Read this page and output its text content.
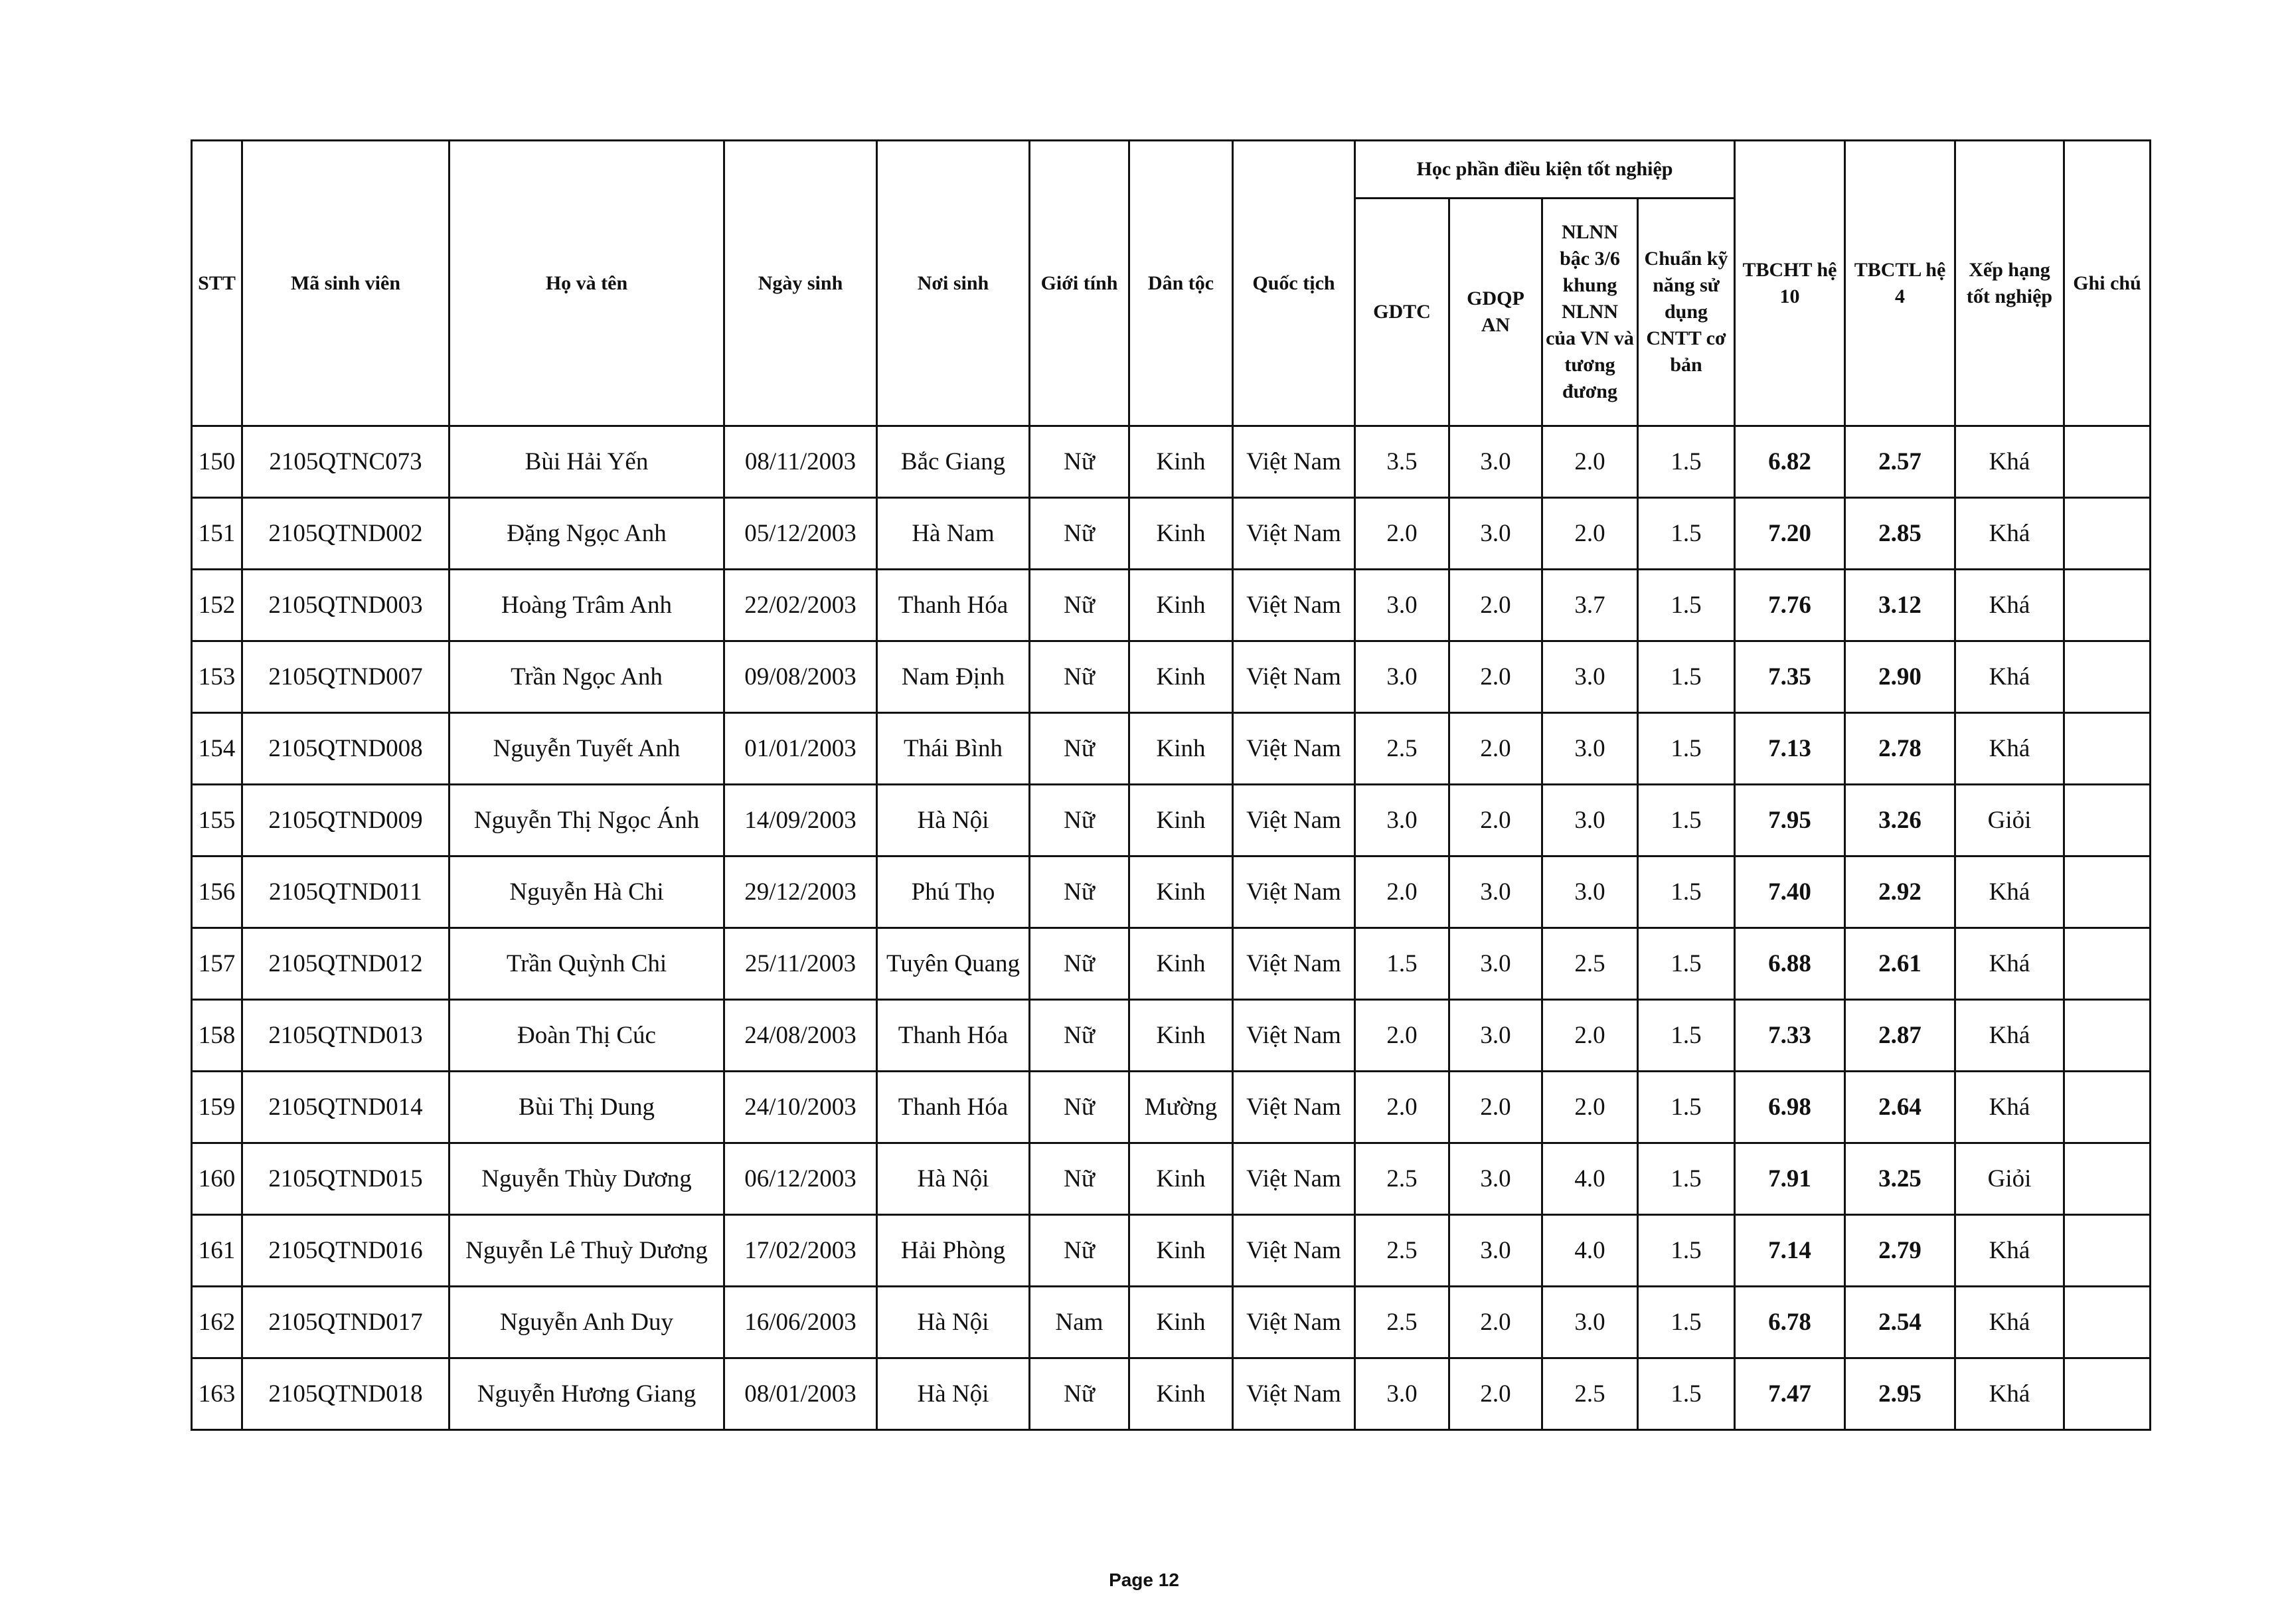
STT	Mã sinh viên	Họ và tên	Ngày sinh	Nơi sinh	Giới tính	Dân tộc	Quốc tịch	Học phần điều kiện tốt nghiệp				TBCHT hệ 10	TBCTL hệ 4	Xếp hạng tốt nghiệp	Ghi chú
								GDTC	GDQP AN	NLNN bậc 3/6 khung NLNN của VN và tương đương	Chuẩn kỹ năng sử dụng CNTT cơ bản				
150	2105QTNC073	Bùi Hải Yến	08/11/2003	Bắc Giang	Nữ	Kinh	Việt Nam	3.5	3.0	2.0	1.5	6.82	2.57	Khá	
151	2105QTND002	Đặng Ngọc Anh	05/12/2003	Hà Nam	Nữ	Kinh	Việt Nam	2.0	3.0	2.0	1.5	7.20	2.85	Khá	
152	2105QTND003	Hoàng Trâm Anh	22/02/2003	Thanh Hóa	Nữ	Kinh	Việt Nam	3.0	2.0	3.7	1.5	7.76	3.12	Khá	
153	2105QTND007	Trần Ngọc Anh	09/08/2003	Nam Định	Nữ	Kinh	Việt Nam	3.0	2.0	3.0	1.5	7.35	2.90	Khá	
154	2105QTND008	Nguyễn Tuyết Anh	01/01/2003	Thái Bình	Nữ	Kinh	Việt Nam	2.5	2.0	3.0	1.5	7.13	2.78	Khá	
155	2105QTND009	Nguyễn Thị Ngọc Ánh	14/09/2003	Hà Nội	Nữ	Kinh	Việt Nam	3.0	2.0	3.0	1.5	7.95	3.26	Giỏi	
156	2105QTND011	Nguyễn Hà Chi	29/12/2003	Phú Thọ	Nữ	Kinh	Việt Nam	2.0	3.0	3.0	1.5	7.40	2.92	Khá	
157	2105QTND012	Trần Quỳnh Chi	25/11/2003	Tuyên Quang	Nữ	Kinh	Việt Nam	1.5	3.0	2.5	1.5	6.88	2.61	Khá	
158	2105QTND013	Đoàn Thị Cúc	24/08/2003	Thanh Hóa	Nữ	Kinh	Việt Nam	2.0	3.0	2.0	1.5	7.33	2.87	Khá	
159	2105QTND014	Bùi Thị Dung	24/10/2003	Thanh Hóa	Nữ	Mường	Việt Nam	2.0	2.0	2.0	1.5	6.98	2.64	Khá	
160	2105QTND015	Nguyễn Thùy Dương	06/12/2003	Hà Nội	Nữ	Kinh	Việt Nam	2.5	3.0	4.0	1.5	7.91	3.25	Giỏi	
161	2105QTND016	Nguyễn Lê Thuỳ Dương	17/02/2003	Hải Phòng	Nữ	Kinh	Việt Nam	2.5	3.0	4.0	1.5	7.14	2.79	Khá	
162	2105QTND017	Nguyễn Anh Duy	16/06/2003	Hà Nội	Nam	Kinh	Việt Nam	2.5	2.0	3.0	1.5	6.78	2.54	Khá	
163	2105QTND018	Nguyễn Hương Giang	08/01/2003	Hà Nội	Nữ	Kinh	Việt Nam	3.0	2.0	2.5	1.5	7.47	2.95	Khá	
Page 12
